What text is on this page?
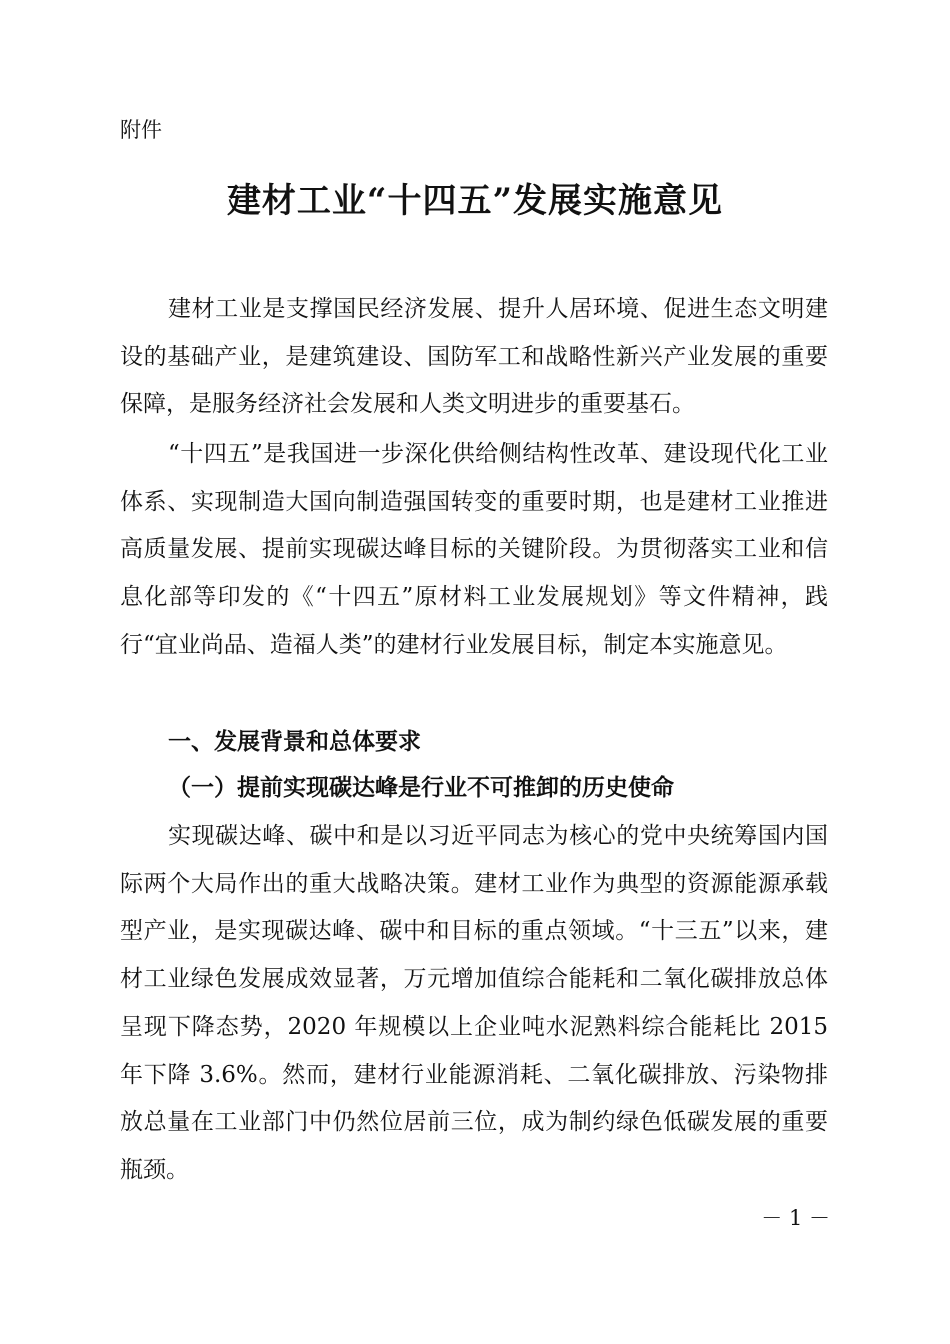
附件

建材工业“十四五”发展实施意见

建材工业是支撑国民经济发展、提升人居环境、促进生态文明建设的基础产业，是建筑建设、国防军工和战略性新兴产业发展的重要保障，是服务经济社会发展和人类文明进步的重要基石。

“十四五”是我国进一步深化供给侧结构性改革、建设现代化工业体系、实现制造大国向制造强国转变的重要时期，也是建材工业推进高质量发展、提前实现碳达峰目标的关键阶段。为贯彻落实工业和信息化部等印发的《“十四五”原材料工业发展规划》等文件精神，践行“宜业尚品、造福人类”的建材行业发展目标，制定本实施意见。

一、发展背景和总体要求
（一）提前实现碳达峰是行业不可推卸的历史使命

实现碳达峰、碳中和是以习近平同志为核心的党中央统筹国内国际两个大局作出的重大战略决策。建材工业作为典型的资源能源承载型产业，是实现碳达峰、碳中和目标的重点领域。“十三五”以来，建材工业绿色发展成效显著，万元增加值综合能耗和二氧化碳排放总体呈现下降态势，2020 年规模以上企业吨水泥熟料综合能耗比 2015 年下降 3.6%。然而，建材行业能源消耗、二氧化碳排放、污染物排放总量在工业部门中仍然位居前三位，成为制约绿色低碳发展的重要瓶颈。

－ 1 －
